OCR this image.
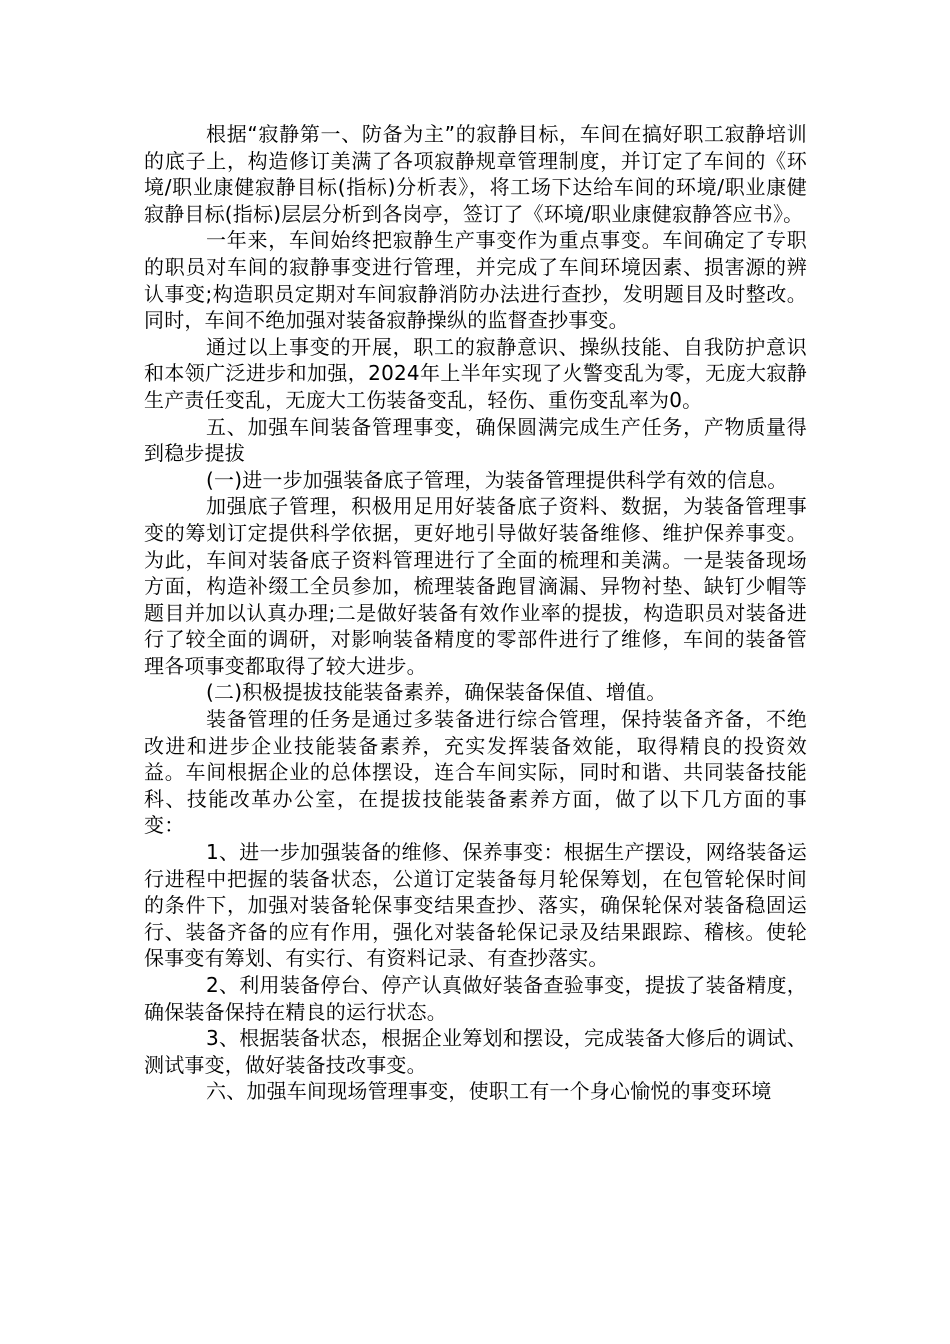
根据“寂静第一、防备为主”的寂静目标，车间在搞好职工寂静培训的底子上，构造修订美满了各项寂静规章管理制度，并订定了车间的《环境/职业康健寂静目标(指标)分析表》，将工场下达给车间的环境/职业康健寂静目标(指标)层层分析到各岗亭，签订了《环境/职业康健寂静答应书》。

一年来，车间始终把寂静生产事变作为重点事变。车间确定了专职的职员对车间的寂静事变进行管理，并完成了车间环境因素、损害源的辨认事变;构造职员定期对车间寂静消防办法进行查抄，发明题目及时整改。同时，车间不绝加强对装备寂静操纵的监督查抄事变。

通过以上事变的开展，职工的寂静意识、操纵技能、自我防护意识和本领广泛进步和加强，2024年上半年实现了火警变乱为零，无庞大寂静生产责任变乱，无庞大工伤装备变乱，轻伤、重伤变乱率为0。

五、加强车间装备管理事变，确保圆满完成生产任务，产物质量得到稳步提拔

(一)进一步加强装备底子管理，为装备管理提供科学有效的信息。

加强底子管理，积极用足用好装备底子资料、数据，为装备管理事变的筹划订定提供科学依据，更好地引导做好装备维修、维护保养事变。为此，车间对装备底子资料管理进行了全面的梳理和美满。一是装备现场方面，构造补缀工全员参加，梳理装备跑冒滴漏、异物衬垫、缺钉少帽等题目并加以认真办理;二是做好装备有效作业率的提拔，构造职员对装备进行了较全面的调研，对影响装备精度的零部件进行了维修，车间的装备管理各项事变都取得了较大进步。

(二)积极提拔技能装备素养，确保装备保值、增值。

装备管理的任务是通过多装备进行综合管理，保持装备齐备，不绝改进和进步企业技能装备素养，充实发挥装备效能，取得精良的投资效益。车间根据企业的总体摆设，连合车间实际，同时和谐、共同装备技能科、技能改革办公室，在提拔技能装备素养方面，做了以下几方面的事变：

1、进一步加强装备的维修、保养事变：根据生产摆设，网络装备运行进程中把握的装备状态，公道订定装备每月轮保筹划，在包管轮保时间的条件下，加强对装备轮保事变结果查抄、落实，确保轮保对装备稳固运行、装备齐备的应有作用，强化对装备轮保记录及结果跟踪、稽核。使轮保事变有筹划、有实行、有资料记录、有查抄落实。

2、利用装备停台、停产认真做好装备查验事变，提拔了装备精度，确保装备保持在精良的运行状态。

3、根据装备状态，根据企业筹划和摆设，完成装备大修后的调试、测试事变，做好装备技改事变。

六、加强车间现场管理事变，使职工有一个身心愉悦的事变环境
